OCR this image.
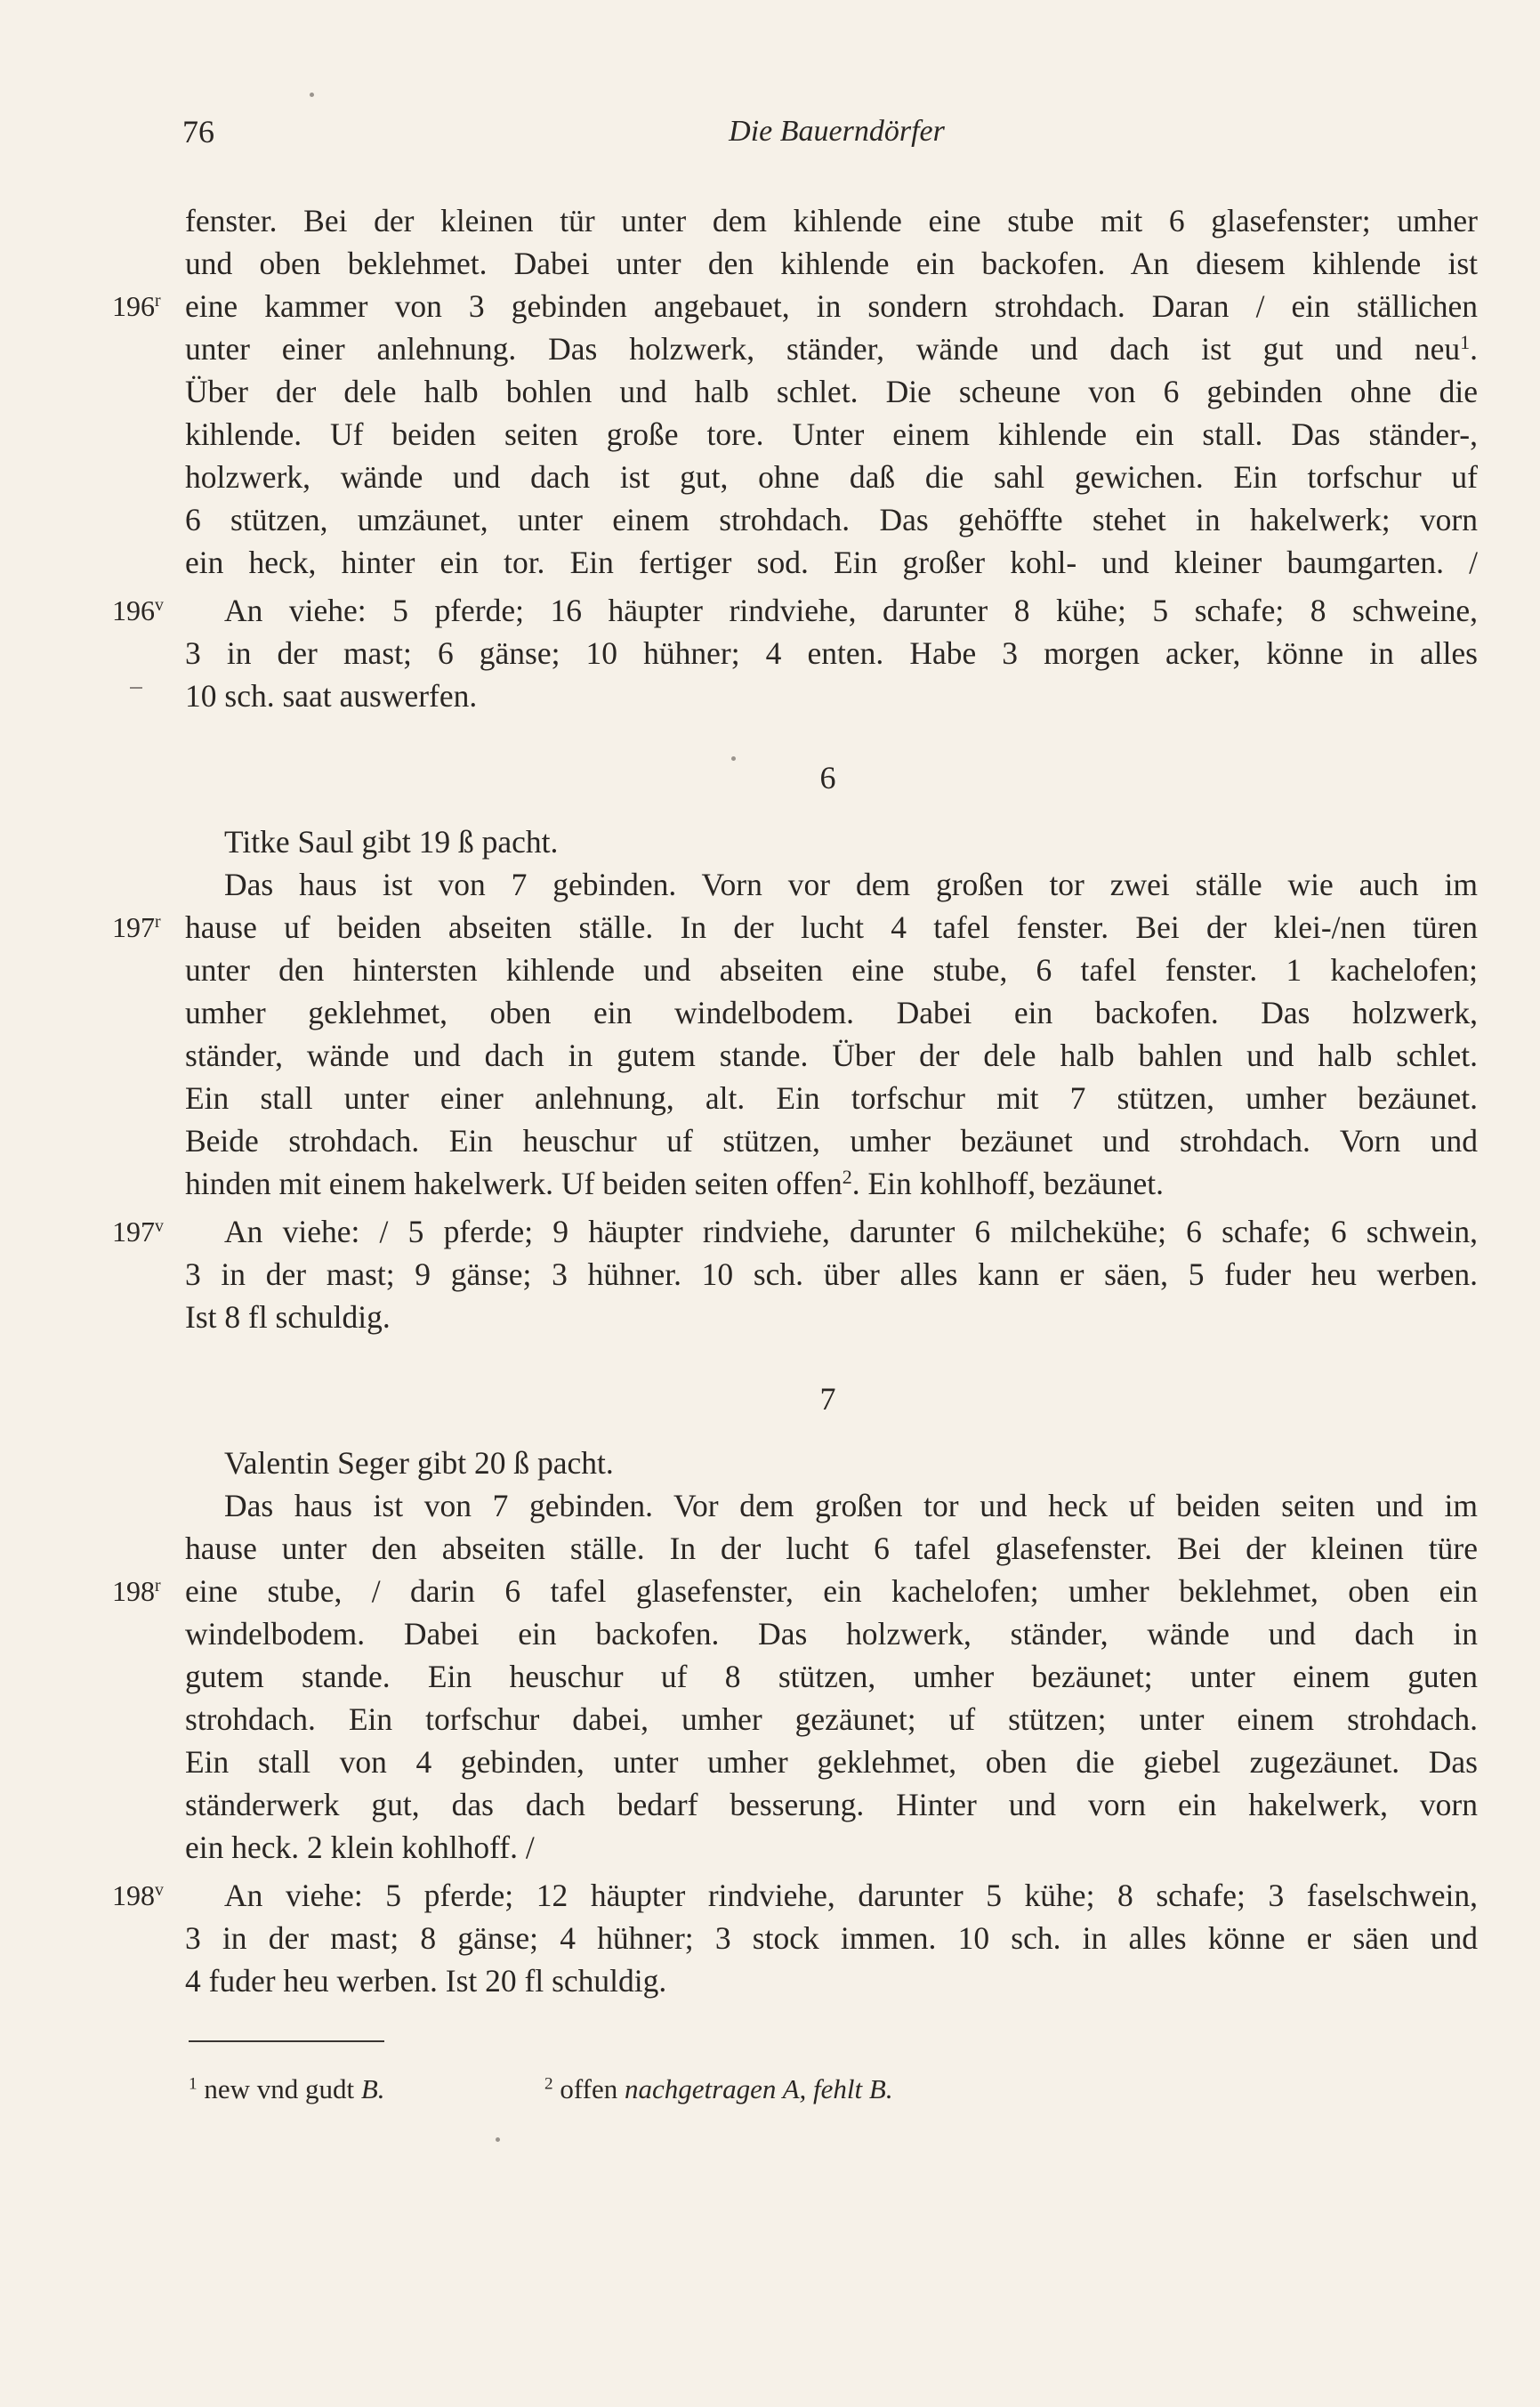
76	Die Bauerndörfer
fenster. Bei der kleinen tür unter dem kihlende eine stube mit 6 glasefenster; umher
und oben beklehmet. Dabei unter den kihlende ein backofen. An diesem kihlende ist
eine kammer von 3 gebinden angebauet, in sondern strohdach. Daran / ein ställichen
unter einer anlehnung. Das holzwerk, ständer, wände und dach ist gut und neu$^1$.
Über der dele halb bohlen und halb schlet. Die scheune von 6 gebinden ohne die
kihlende. Uf beiden seiten große tore. Unter einem kihlende ein stall. Das ständer-,
holzwerk, wände und dach ist gut, ohne daß die sahl gewichen. Ein torfschur uf
6 stützen, umzäunet, unter einem strohdach. Das gehöffte stehet in hakelwerk; vorn
ein heck, hinter ein tor. Ein fertiger sod. Ein großer kohl- und kleiner baumgarten. /
An viehe: 5 pferde; 16 häupter rindviehe, darunter 8 kühe; 5 schafe; 8 schweine,
3 in der mast; 6 gänse; 10 hühner; 4 enten. Habe 3 morgen acker, könne in alles
10 sch. saat auswerfen.
6
Titke Saul gibt 19 ß pacht.
Das haus ist von 7 gebinden. Vorn vor dem großen tor zwei ställe wie auch im
hause uf beiden abseiten ställe. In der lucht 4 tafel fenster. Bei der klei-/nen türen
unter den hintersten kihlende und abseiten eine stube, 6 tafel fenster. 1 kachelofen;
umher geklehmet, oben ein windelbodem. Dabei ein backofen. Das holzwerk,
ständer, wände und dach in gutem stande. Über der dele halb bahlen und halb schlet.
Ein stall unter einer anlehnung, alt. Ein torfschur mit 7 stützen, umher bezäunet.
Beide strohdach. Ein heuschur uf stützen, umher bezäunet und strohdach. Vorn und
hinden mit einem hakelwerk. Uf beiden seiten offen$^2$. Ein kohlhoff, bezäunet.
An viehe: / 5 pferde; 9 häupter rindviehe, darunter 6 milchekühe; 6 schafe; 6 schwein,
3 in der mast; 9 gänse; 3 hühner. 10 sch. über alles kann er säen, 5 fuder heu werben.
Ist 8 fl schuldig.
7
Valentin Seger gibt 20 ß pacht.
Das haus ist von 7 gebinden. Vor dem großen tor und heck uf beiden seiten und im
hause unter den abseiten ställe. In der lucht 6 tafel glasefenster. Bei der kleinen türe
eine stube, / darin 6 tafel glasefenster, ein kachelofen; umher beklehmet, oben ein
windelbodem. Dabei ein backofen. Das holzwerk, ständer, wände und dach in
gutem stande. Ein heuschur uf 8 stützen, umher bezäunet; unter einem guten
strohdach. Ein torfschur dabei, umher gezäunet; uf stützen; unter einem strohdach.
Ein stall von 4 gebinden, unter umher geklehmet, oben die giebel zugezäunet. Das
ständerwerk gut, das dach bedarf besserung. Hinter und vorn ein hakelwerk, vorn
ein heck. 2 klein kohlhoff. /
An viehe: 5 pferde; 12 häupter rindviehe, darunter 5 kühe; 8 schafe; 3 faselschwein,
3 in der mast; 8 gänse; 4 hühner; 3 stock immen. 10 sch. in alles könne er säen und
4 fuder heu werben. Ist 20 fl schuldig.
196$^r$
196$^v$
197$^r$
197$^v$
198$^r$
198$^v$
$^1$ new vnd gudt B.	$^2$ offen nachgetragen A, fehlt B.
